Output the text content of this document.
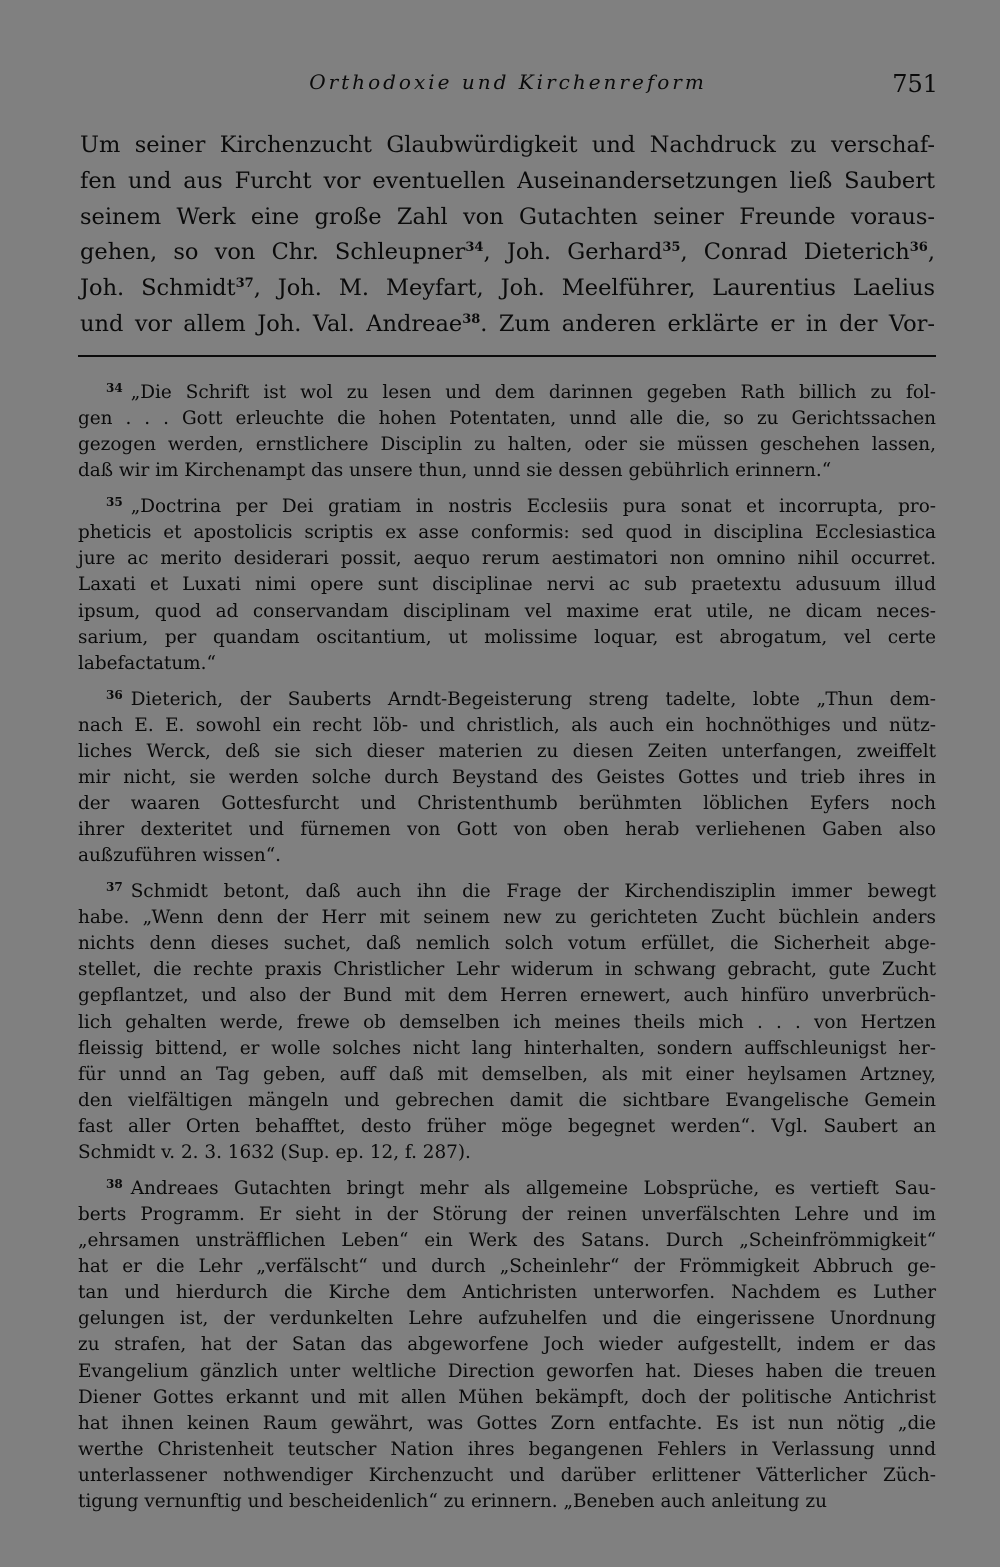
Orthodoxie und Kirchenreform	751
Um seiner Kirchenzucht Glaubwürdigkeit und Nachdruck zu verschaf-
fen und aus Furcht vor eventuellen Auseinandersetzungen ließ Saubert
seinem Werk eine große Zahl von Gutachten seiner Freunde voraus-
gehen, so von Chr. Schleupner$^{34}$, Joh. Gerhard$^{35}$, Conrad Dieterich$^{36}$,
Joh. Schmidt$^{37}$, Joh. M. Meyfart, Joh. Meelführer, Laurentius Laelius
und vor allem Joh. Val. Andreae$^{38}$. Zum anderen erklärte er in der Vor-
$^{34}$ „Die Schrift ist wol zu lesen und dem darinnen gegeben Rath billich zu fol-
gen . . . Gott erleuchte die hohen Potentaten, unnd alle die, so zu Gerichtssachen
gezogen werden, ernstlichere Disciplin zu halten, oder sie müssen geschehen lassen,
daß wir im Kirchenampt das unsere thun, unnd sie dessen gebührlich erinnern.“
$^{35}$ „Doctrina per Dei gratiam in nostris Ecclesiis pura sonat et incorrupta, pro-
pheticis et apostolicis scriptis ex asse conformis: sed quod in disciplina Ecclesiastica
jure ac merito desiderari possit, aequo rerum aestimatori non omnino nihil occurret.
Laxati et Luxati nimi opere sunt disciplinae nervi ac sub praetextu adusuum illud
ipsum, quod ad conservandam disciplinam vel maxime erat utile, ne dicam neces-
sarium, per quandam oscitantium, ut molissime loquar, est abrogatum, vel certe
labefactatum.“
$^{36}$ Dieterich, der Sauberts Arndt-Begeisterung streng tadelte, lobte „Thun dem-
nach E. E. sowohl ein recht löb- und christlich, als auch ein hochnöthiges und nütz-
liches Werck, deß sie sich dieser materien zu diesen Zeiten unterfangen, zweiffelt
mir nicht, sie werden solche durch Beystand des Geistes Gottes und trieb ihres in
der waaren Gottesfurcht und Christenthumb berühmten löblichen Eyfers noch
ihrer dexteritet und fürnemen von Gott von oben herab verliehenen Gaben also
außzuführen wissen“.
$^{37}$ Schmidt betont, daß auch ihn die Frage der Kirchendisziplin immer bewegt
habe. „Wenn denn der Herr mit seinem new zu gerichteten Zucht büchlein anders
nichts denn dieses suchet, daß nemlich solch votum erfüllet, die Sicherheit abge-
stellet, die rechte praxis Christlicher Lehr widerum in schwang gebracht, gute Zucht
gepflantzet, und also der Bund mit dem Herren ernewert, auch hinfüro unverbrüch-
lich gehalten werde, frewe ob demselben ich meines theils mich . . . von Hertzen
fleissig bittend, er wolle solches nicht lang hinterhalten, sondern auffschleunigst her-
für unnd an Tag geben, auff daß mit demselben, als mit einer heylsamen Artzney,
den vielfältigen mängeln und gebrechen damit die sichtbare Evangelische Gemein
fast aller Orten behafftet, desto früher möge begegnet werden“. Vgl. Saubert an
Schmidt v. 2. 3. 1632 (Sup. ep. 12, f. 287).
$^{38}$ Andreaes Gutachten bringt mehr als allgemeine Lobsprüche, es vertieft Sau-
berts Programm. Er sieht in der Störung der reinen unverfälschten Lehre und im
„ehrsamen unsträfflichen Leben“ ein Werk des Satans. Durch „Scheinfrömmigkeit“
hat er die Lehr „verfälscht“ und durch „Scheinlehr“ der Frömmigkeit Abbruch ge-
tan und hierdurch die Kirche dem Antichristen unterworfen. Nachdem es Luther
gelungen ist, der verdunkelten Lehre aufzuhelfen und die eingerissene Unordnung
zu strafen, hat der Satan das abgeworfene Joch wieder aufgestellt, indem er das
Evangelium gänzlich unter weltliche Direction geworfen hat. Dieses haben die treuen
Diener Gottes erkannt und mit allen Mühen bekämpft, doch der politische Antichrist
hat ihnen keinen Raum gewährt, was Gottes Zorn entfachte. Es ist nun nötig „die
werthe Christenheit teutscher Nation ihres begangenen Fehlers in Verlassung unnd
unterlassener nothwendiger Kirchenzucht und darüber erlittener Vätterlicher Züch-
tigung vernunftig und bescheidenlich“ zu erinnern. „Beneben auch anleitung zu
